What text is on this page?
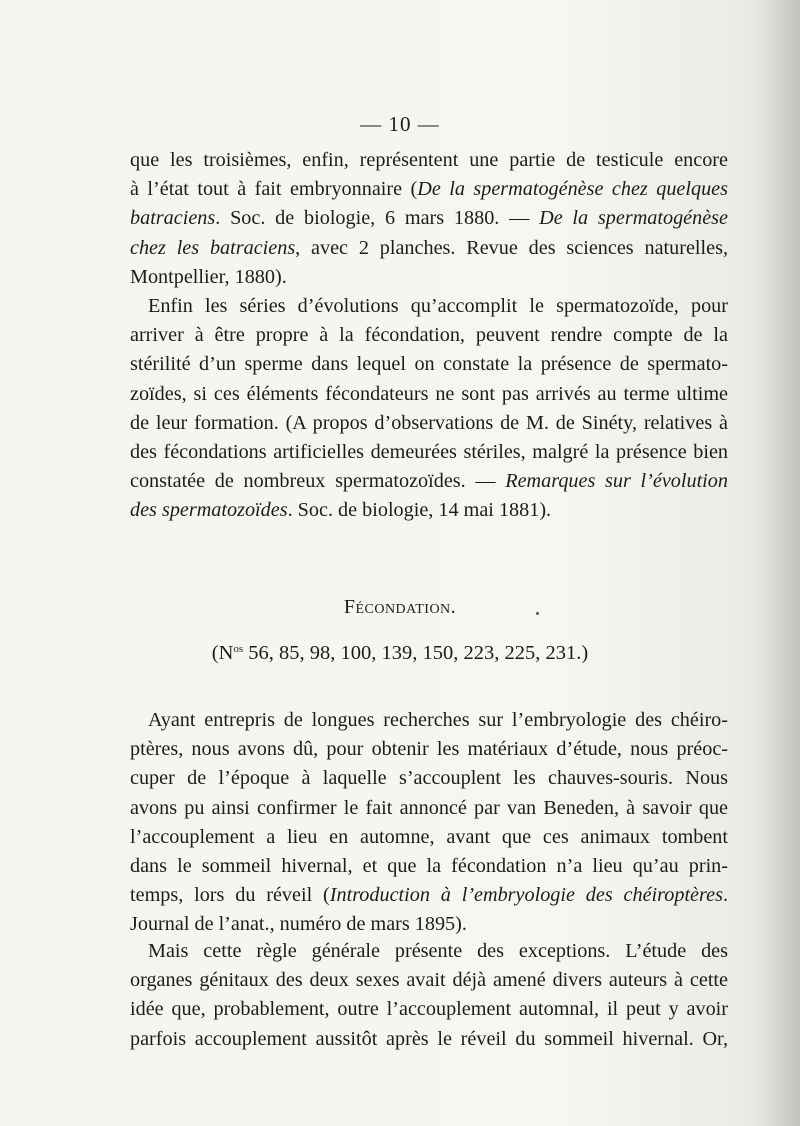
— 10 —
que les troisièmes, enfin, représentent une partie de testicule encore
à l’état tout à fait embryonnaire (De la spermatogénèse chez quelques
batraciens. Soc. de biologie, 6 mars 1880. — De la spermatogénèse
chez les batraciens, avec 2 planches. Revue des sciences naturelles,
Montpellier, 1880).
Enfin les séries d’évolutions qu’accomplit le spermatozoïde, pour
arriver à être propre à la fécondation, peuvent rendre compte de la
stérilité d’un sperme dans lequel on constate la présence de spermato-
zoïdes, si ces éléments fécondateurs ne sont pas arrivés au terme ultime
de leur formation. (A propos d’observations de M. de Sinéty, relatives à
des fécondations artificielles demeurées stériles, malgré la présence bien
constatée de nombreux spermatozoïdes. — Remarques sur l’évolution
des spermatozoïdes. Soc. de biologie, 14 mai 1881).
Fécondation.
($N^{os}$ 56, 85, 98, 100, 139, 150, 223, 225, 231.)
Ayant entrepris de longues recherches sur l’embryologie des chéiro-
ptères, nous avons dû, pour obtenir les matériaux d’étude, nous préoc-
cuper de l’époque à laquelle s’accouplent les chauves-souris. Nous
avons pu ainsi confirmer le fait annoncé par van Beneden, à savoir que
l’accouplement a lieu en automne, avant que ces animaux tombent
dans le sommeil hivernal, et que la fécondation n’a lieu qu’au prin-
temps, lors du réveil (Introduction à l’embryologie des chéiroptères.
Journal de l’anat., numéro de mars 1895).
Mais cette règle générale présente des exceptions. L’étude des
organes génitaux des deux sexes avait déjà amené divers auteurs à cette
idée que, probablement, outre l’accouplement automnal, il peut y avoir
parfois accouplement aussitôt après le réveil du sommeil hivernal. Or,
